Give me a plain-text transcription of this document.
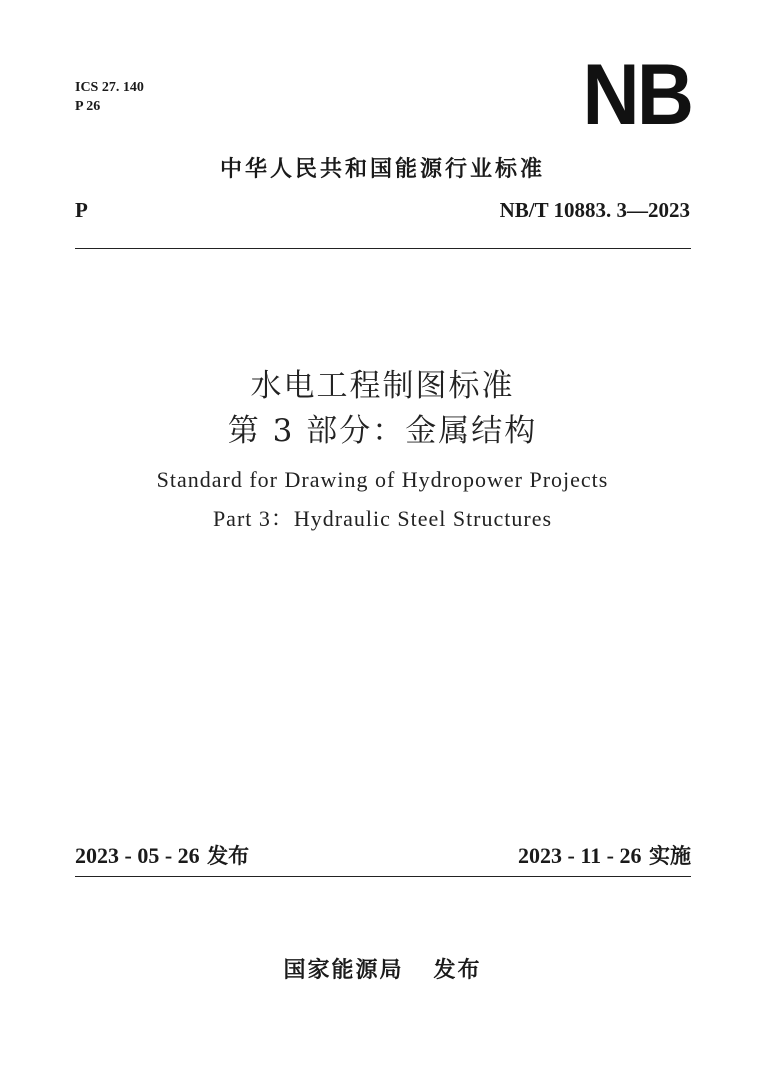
ICS 27. 140
P 26	NB
中华人民共和国能源行业标准
P	NB/T 10883. 3—2023
水电工程制图标准
第 3 部分：金属结构
Standard for Drawing of Hydropower Projects
Part 3：Hydraulic Steel Structures
2023 - 05 - 26 发布	2023 - 11 - 26 实施
国家能源局 发布
